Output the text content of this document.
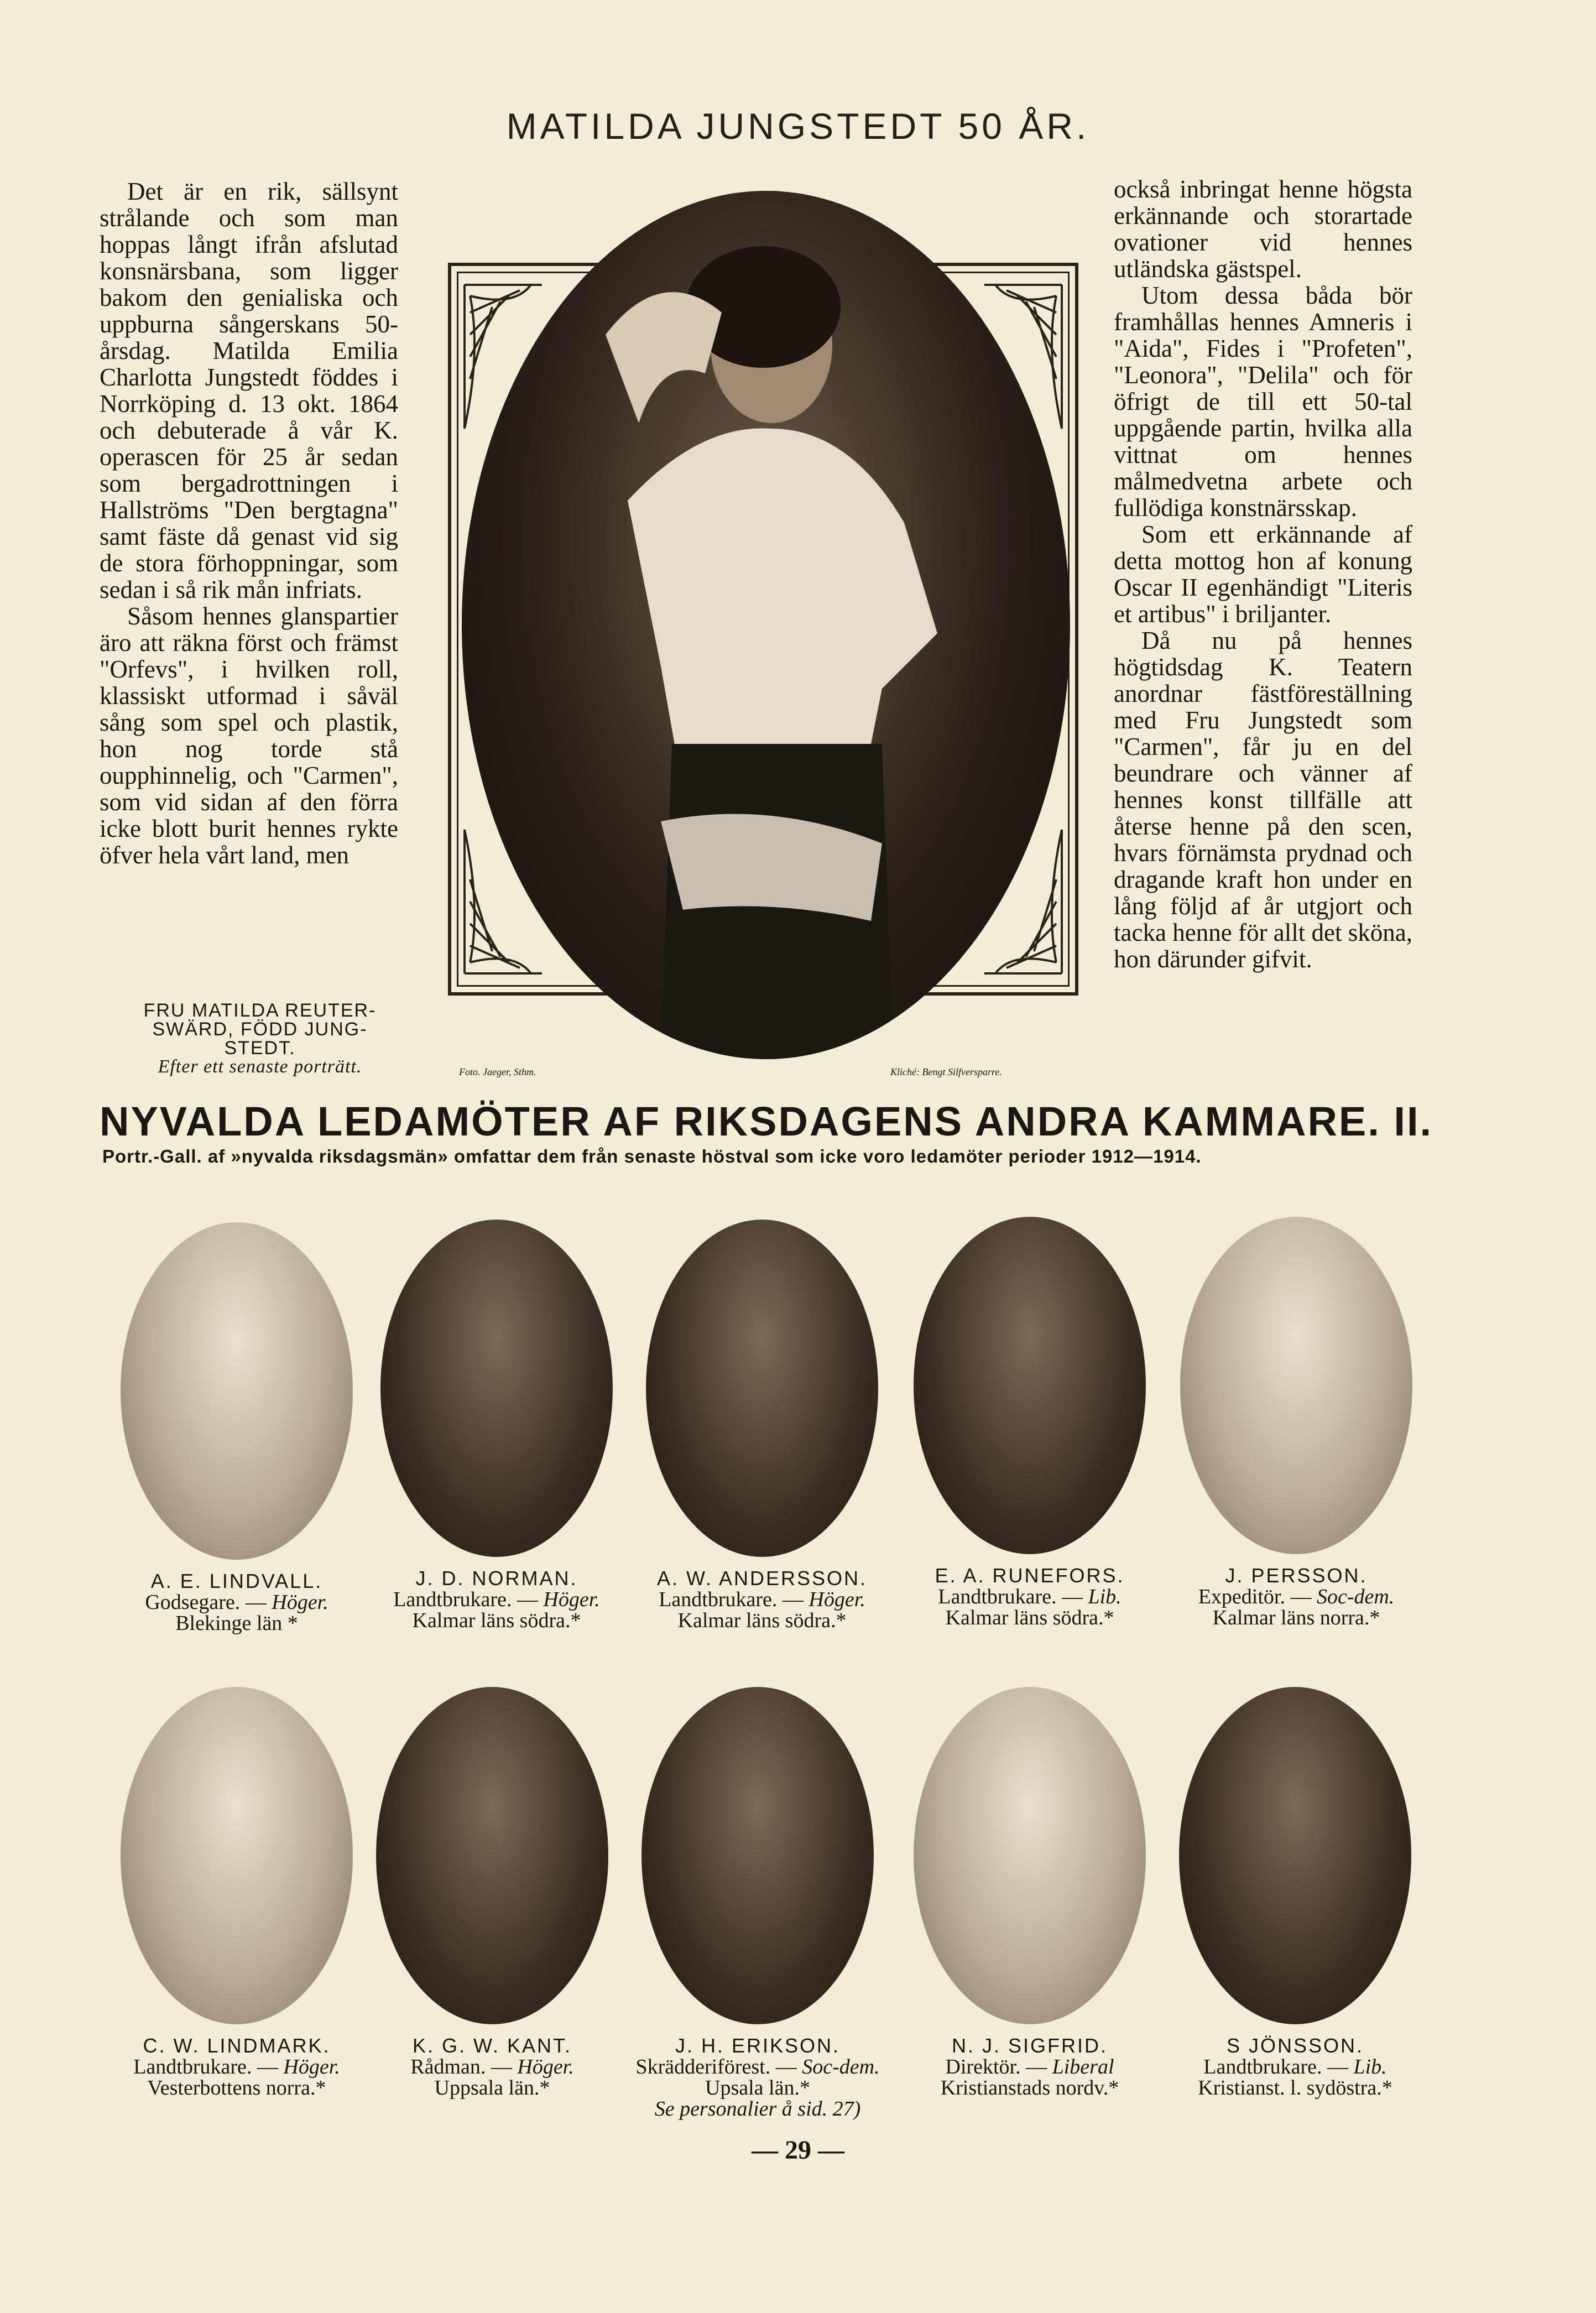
MATILDA JUNGSTEDT 50 ÅR.

Det är en rik, sällsynt strålande och som man hoppas långt ifrån afslutad konsnärsbana, som ligger bakom den genialiska och uppburna sångerskans 50-årsdag. Matilda Emilia Charlotta Jungstedt föddes i Norrköping d. 13 okt. 1864 och debuterade å vår K. operascen för 25 år sedan som bergadrottningen i Hallströms "Den bergtagna" samt fäste då genast vid sig de stora förhoppningar, som sedan i så rik mån infriats.

Såsom hennes glanspartier äro att räkna först och främst "Orfevs", i hvilken roll, klassiskt utformad i såväl sång som spel och plastik, hon nog torde stå oupphinnelig, och "Carmen", som vid sidan af den förra icke blott burit hennes rykte öfver hela vårt land, men

också inbringat henne högsta erkännande och storartade ovationer vid hennes utländska gästspel.

Utom dessa båda bör framhållas hennes Amneris i "Aida", Fides i "Profeten", "Leonora", "Delila" och för öfrigt de till ett 50-tal uppgående partin, hvilka alla vittnat om hennes målmedvetna arbete och fullödiga konstnärsskap.

Som ett erkännande af detta mottog hon af konung Oscar II egenhändigt "Literis et artibus" i briljanter.

Då nu på hennes högtidsdag K. Teatern anordnar fästföreställning med Fru Jungstedt som "Carmen", får ju en del beundrare och vänner af hennes konst tillfälle att återse henne på den scen, hvars förnämsta prydnad och dragande kraft hon under en lång följd af år utgjort och tacka henne för allt det sköna, hon därunder gifvit.

FRU MATILDA REUTER-
SWÄRD, FÖDD JUNG-
STEDT.
Efter ett senaste porträtt.	Foto. Jaeger, Sthm.	Kliché: Bengt Silfversparre.
NYVALDA LEDAMÖTER AF RIKSDAGENS ANDRA KAMMARE. II.
Portr.-Gall. af »nyvalda riksdagsmän» omfattar dem från senaste höstval som icke voro ledamöter perioder 1912—1914.
A. E. LINDVALL.
Godsegare. — Höger.
Blekinge län *
J. D. NORMAN.
Landtbrukare. — Höger.
Kalmar läns södra.*
A. W. ANDERSSON.
Landtbrukare. — Höger.
Kalmar läns södra.*
E. A. RUNEFORS.
Landtbrukare. — Lib.
Kalmar läns södra.*
J. PERSSON.
Expeditör. — Soc-dem.
Kalmar läns norra.*
C. W. LINDMARK.
Landtbrukare. — Höger.
Vesterbottens norra.*
K. G. W. KANT.
Rådman. — Höger.
Uppsala län.*
J. H. ERIKSON.
Skrädderiförest. — Soc-dem.
Upsala län.*
Se personalier å sid. 27)
N. J. SIGFRID.
Direktör. — Liberal
Kristianstads nordv.*
S JÖNSSON.
Landtbrukare. — Lib.
Kristianst. l. sydöstra.*
— 29 —
